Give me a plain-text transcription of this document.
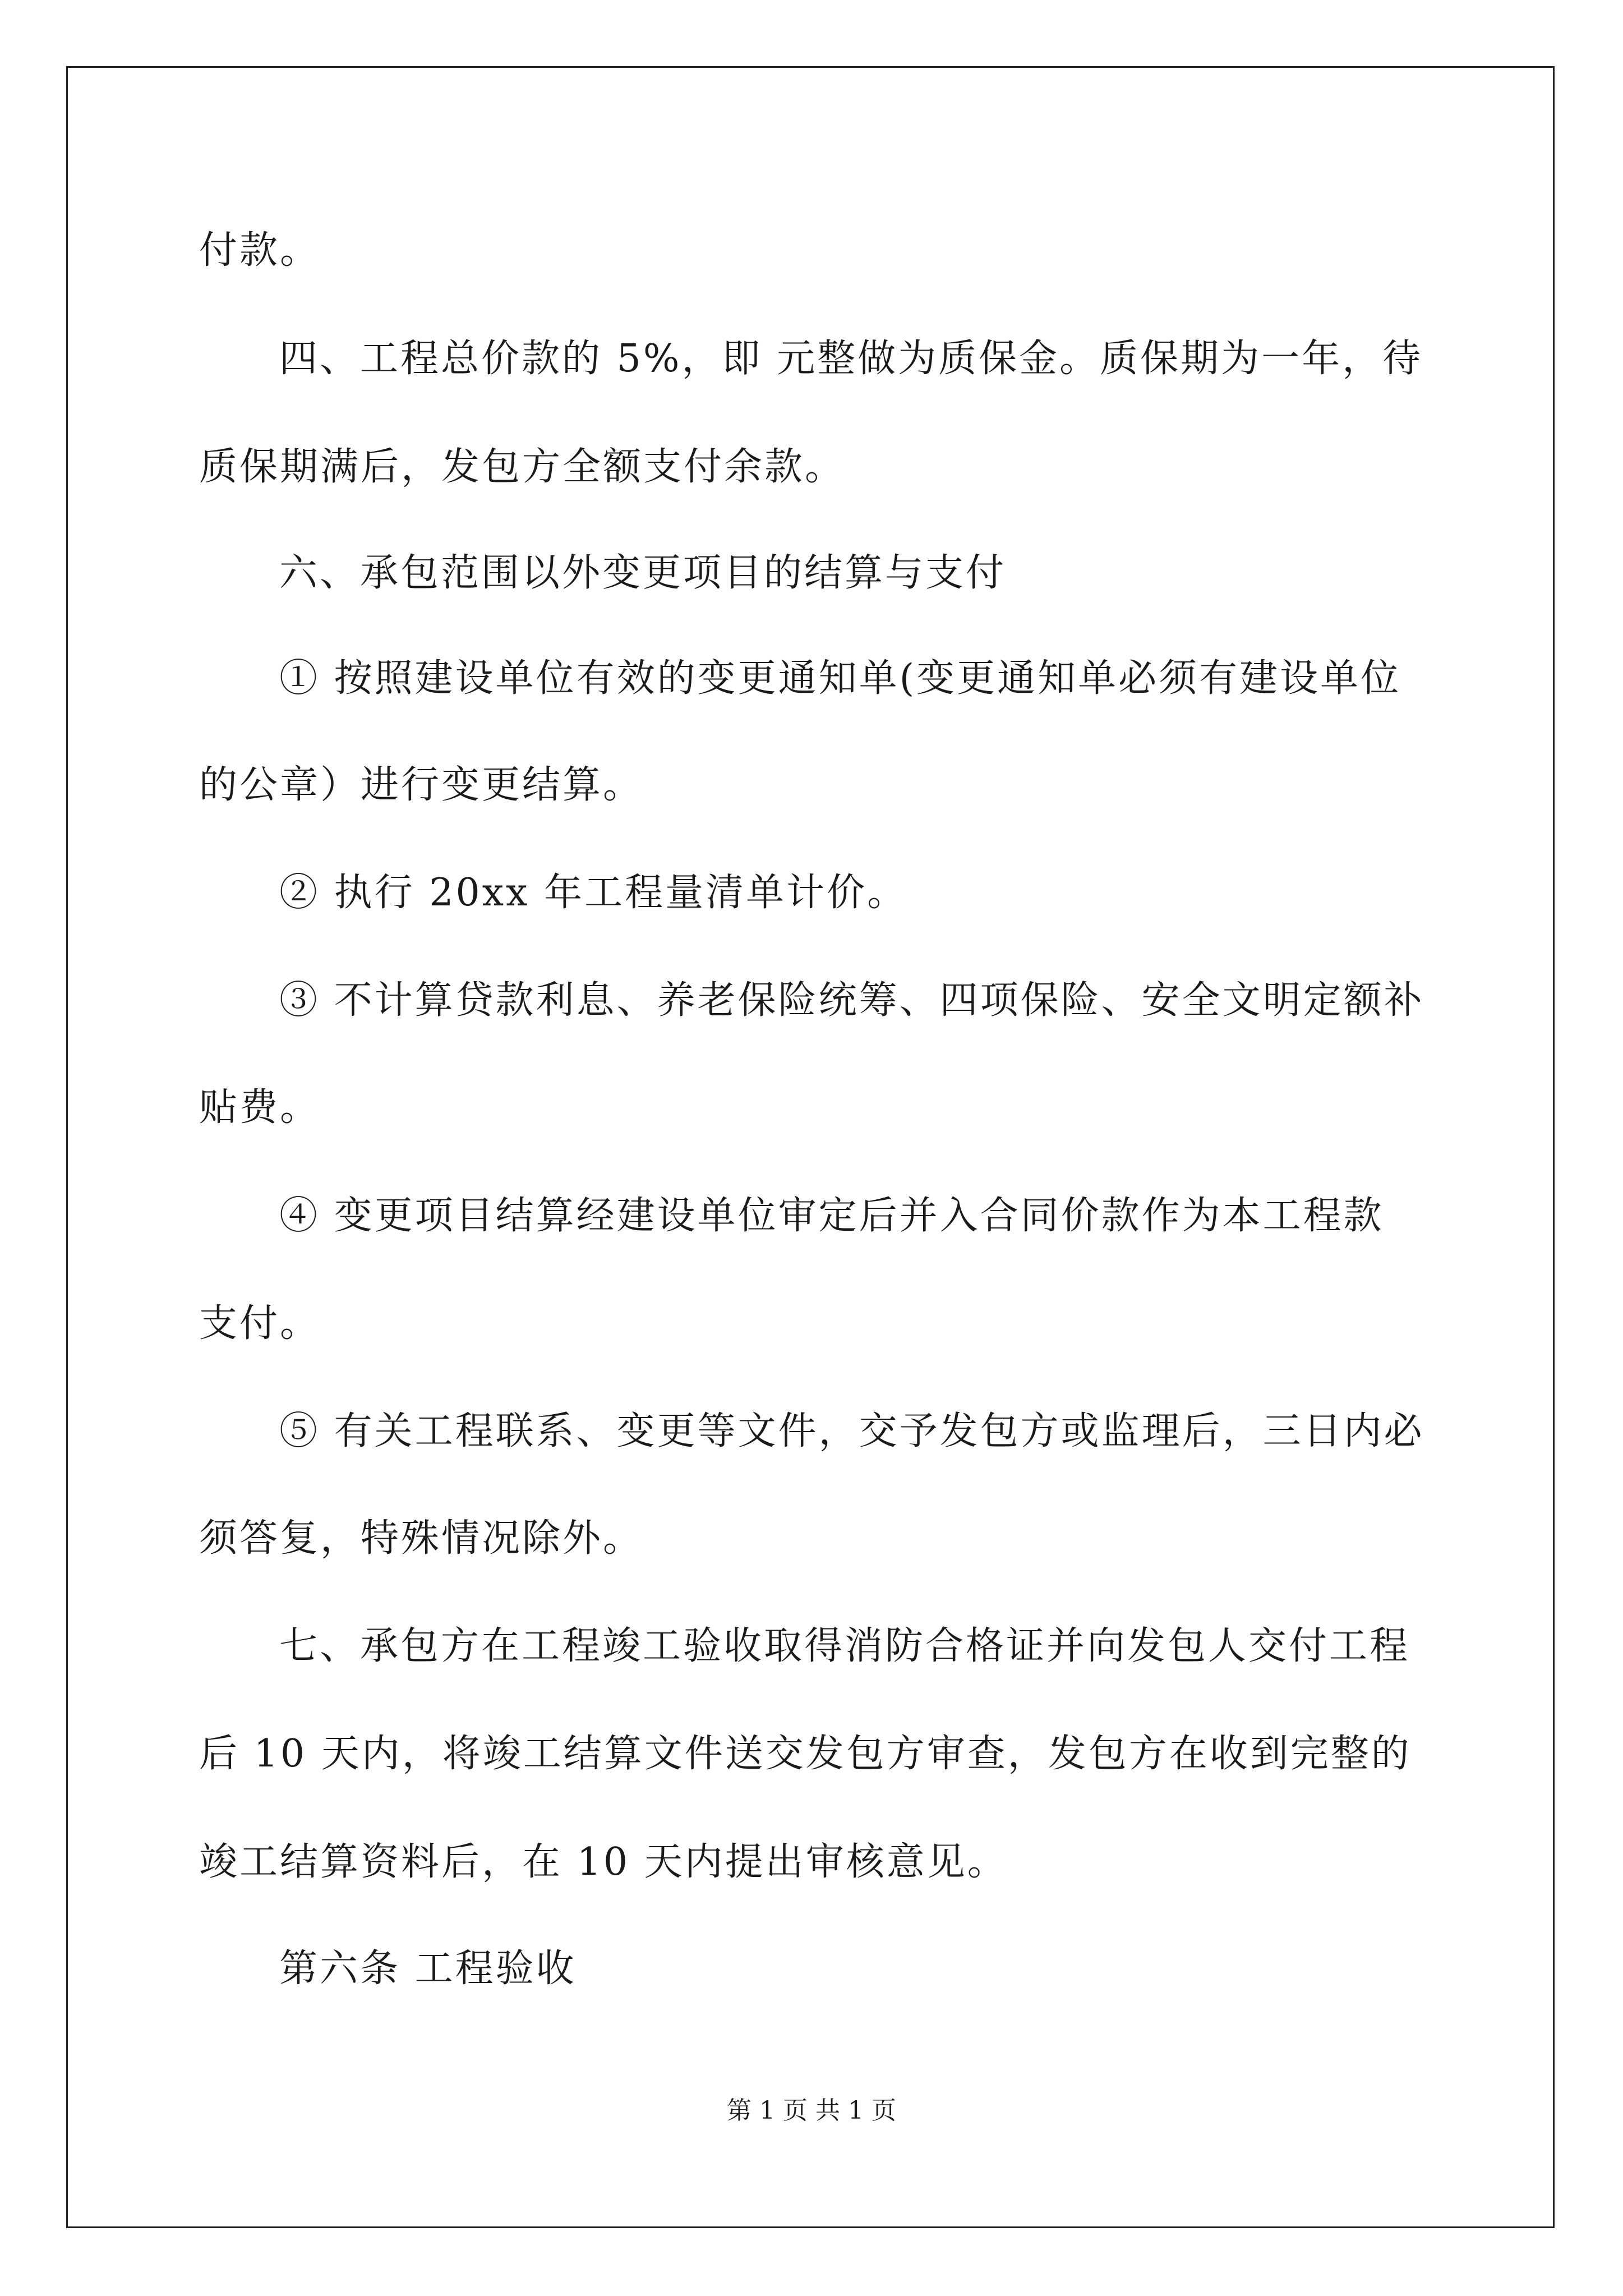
付款。
四、工程总价款的 5%，即 元整做为质保金。质保期为一年，待
质保期满后，发包方全额支付余款。
六、承包范围以外变更项目的结算与支付
① 按照建设单位有效的变更通知单(变更通知单必须有建设单位
的公章）进行变更结算。
② 执行 20xx 年工程量清单计价。
③ 不计算贷款利息、养老保险统筹、四项保险、安全文明定额补
贴费。
④ 变更项目结算经建设单位审定后并入合同价款作为本工程款
支付。
⑤ 有关工程联系、变更等文件，交予发包方或监理后，三日内必
须答复，特殊情况除外。
七、承包方在工程竣工验收取得消防合格证并向发包人交付工程
后 10 天内，将竣工结算文件送交发包方审查，发包方在收到完整的
竣工结算资料后，在 10 天内提出审核意见。
第六条 工程验收
第 1 页 共 1 页
